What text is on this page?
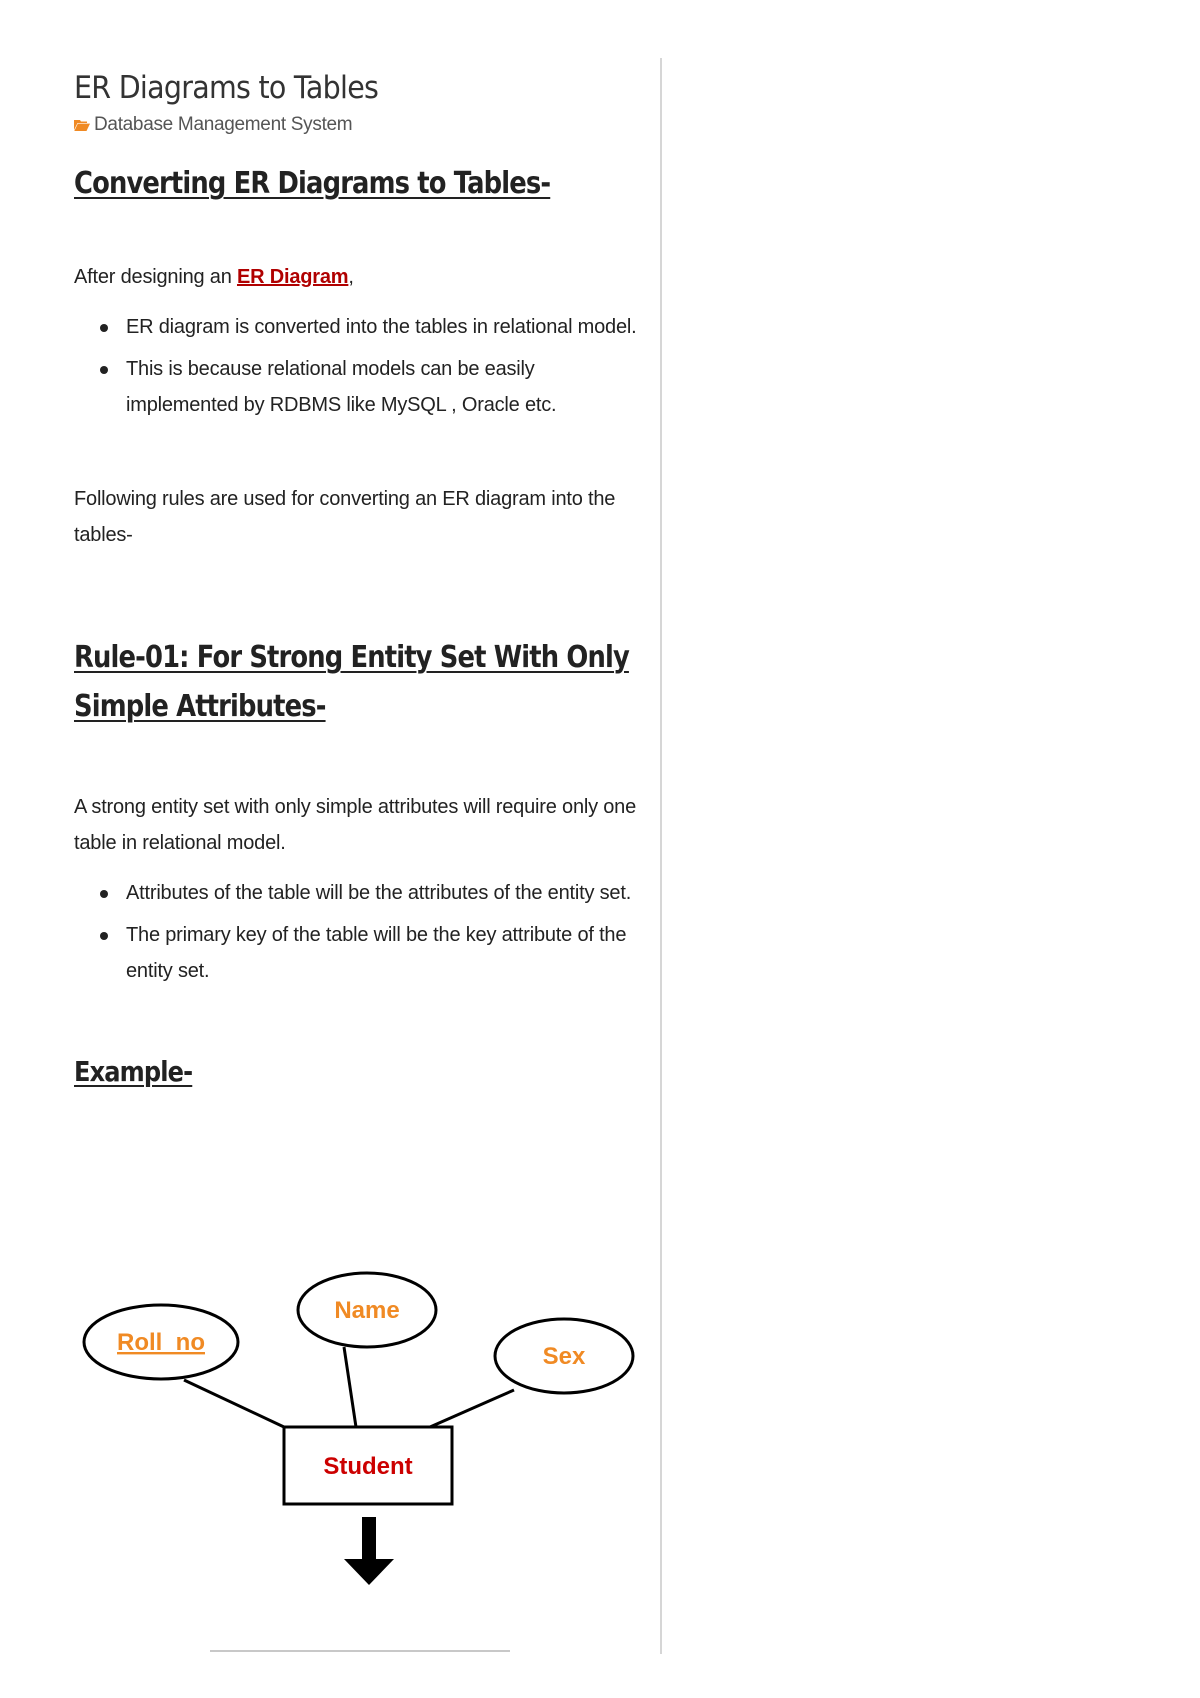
ER Diagrams to Tables
Database Management System
Converting ER Diagrams to Tables-

After designing an ER Diagram,

ER diagram is converted into the tables in relational model.
This is because relational models can be easily implemented by RDBMS like MySQL , Oracle etc.

Following rules are used for converting an ER diagram into the tables-

Rule-01: For Strong Entity Set With Only Simple Attributes-

A strong entity set with only simple attributes will require only one table in relational model.

Attributes of the table will be the attributes of the entity set.
The primary key of the table will be the key attribute of the entity set.
Example-
Roll_no
Name
Sex
Student
